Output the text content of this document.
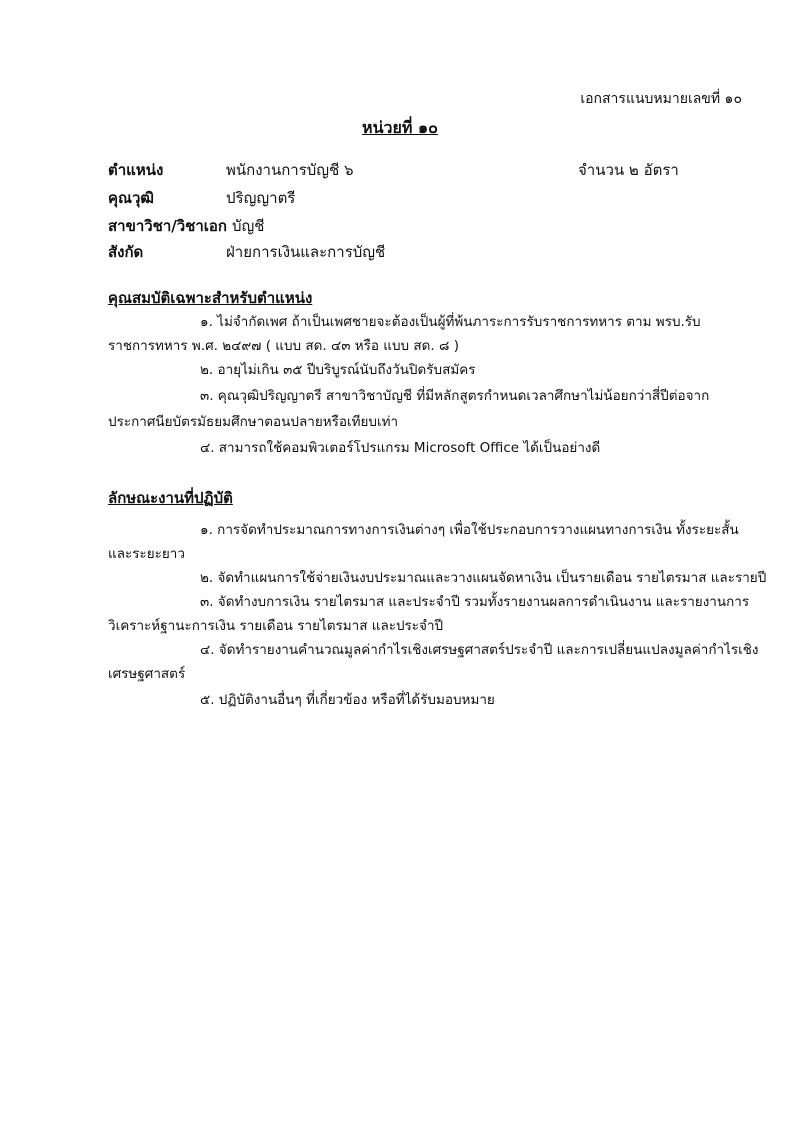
เอกสารแนบหมายเลขที่ ๑๐
หน่วยที่ ๑๐
ตำแหน่ง	พนักงานการบัญชี ๖	จำนวน ๒ อัตรา
คุณวุฒิ	ปริญญาตรี
สาขาวิชา/วิชาเอก บัญชี
สังกัด	ฝ่ายการเงินและการบัญชี
คุณสมบัติเฉพาะสำหรับตำแหน่ง
๑. ไม่จำกัดเพศ ถ้าเป็นเพศชายจะต้องเป็นผู้ที่พ้นภาระการรับราชการทหาร ตาม พรบ.รับ
ราชการทหาร พ.ศ. ๒๔๙๗ ( แบบ สด. ๔๓ หรือ แบบ สด. ๘ )
๒. อายุไม่เกิน ๓๕ ปีบริบูรณ์นับถึงวันปิดรับสมัคร
๓. คุณวุฒิปริญญาตรี สาขาวิชาบัญชี ที่มีหลักสูตรกำหนดเวลาศึกษาไม่น้อยกว่าสี่ปีต่อจาก
ประกาศนียบัตรมัธยมศึกษาตอนปลายหรือเทียบเท่า
๔. สามารถใช้คอมพิวเตอร์โปรแกรม Microsoft Office ได้เป็นอย่างดี
ลักษณะงานที่ปฏิบัติ
๑. การจัดทำประมาณการทางการเงินต่างๆ เพื่อใช้ประกอบการวางแผนทางการเงิน ทั้งระยะสั้น
และระยะยาว
๒. จัดทำแผนการใช้จ่ายเงินงบประมาณและวางแผนจัดหาเงิน เป็นรายเดือน รายไตรมาส และรายปี
๓. จัดทำงบการเงิน รายไตรมาส และประจำปี รวมทั้งรายงานผลการดำเนินงาน และรายงานการ
วิเคราะห์ฐานะการเงิน รายเดือน รายไตรมาส และประจำปี
๔. จัดทำรายงานคำนวณมูลค่ากำไรเชิงเศรษฐศาสตร์ประจำปี และการเปลี่ยนแปลงมูลค่ากำไรเชิง
เศรษฐศาสตร์
๕. ปฏิบัติงานอื่นๆ ที่เกี่ยวข้อง หรือที่ได้รับมอบหมาย
